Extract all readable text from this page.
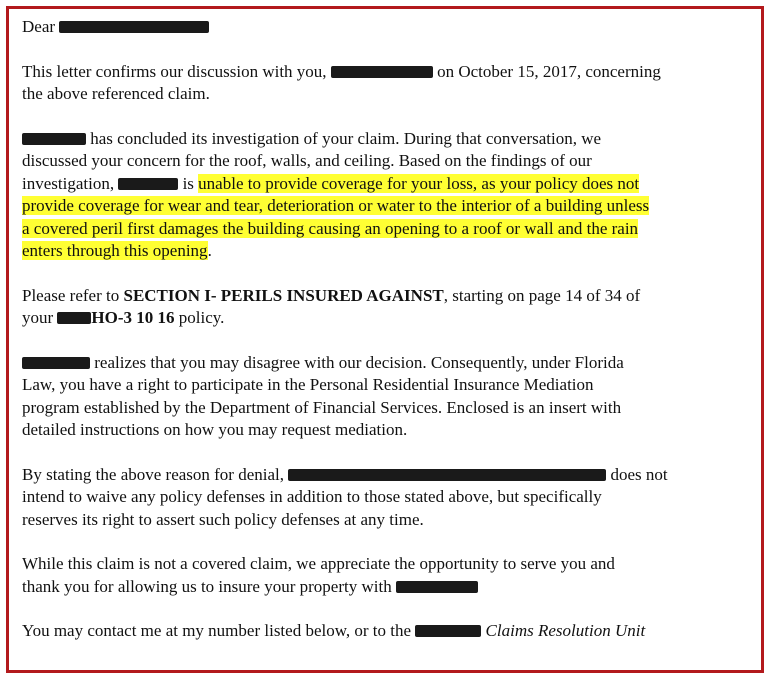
Dear
This letter confirms our discussion with you,	on October 15, 2017, concerning
the above referenced claim.
has concluded its investigation of your claim. During that conversation, we
discussed your concern for the roof, walls, and ceiling. Based on the findings of our
investigation,	is unable to provide coverage for your loss, as your policy does not
provide coverage for wear and tear, deterioration or water to the interior of a building unless
a covered peril first damages the building causing an opening to a roof or wall and the rain
enters through this opening.
Please refer to SECTION I- PERILS INSURED AGAINST, starting on page 14 of 34 of
your HO-3 10 16 policy.
realizes that you may disagree with our decision. Consequently, under Florida
Law, you have a right to participate in the Personal Residential Insurance Mediation
program established by the Department of Financial Services. Enclosed is an insert with
detailed instructions on how you may request mediation.
By stating the above reason for denial,	does not
intend to waive any policy defenses in addition to those stated above, but specifically
reserves its right to assert such policy defenses at any time.
While this claim is not a covered claim, we appreciate the opportunity to serve you and
thank you for allowing us to insure your property with
You may contact me at my number listed below, or to the	Claims Resolution Unit
